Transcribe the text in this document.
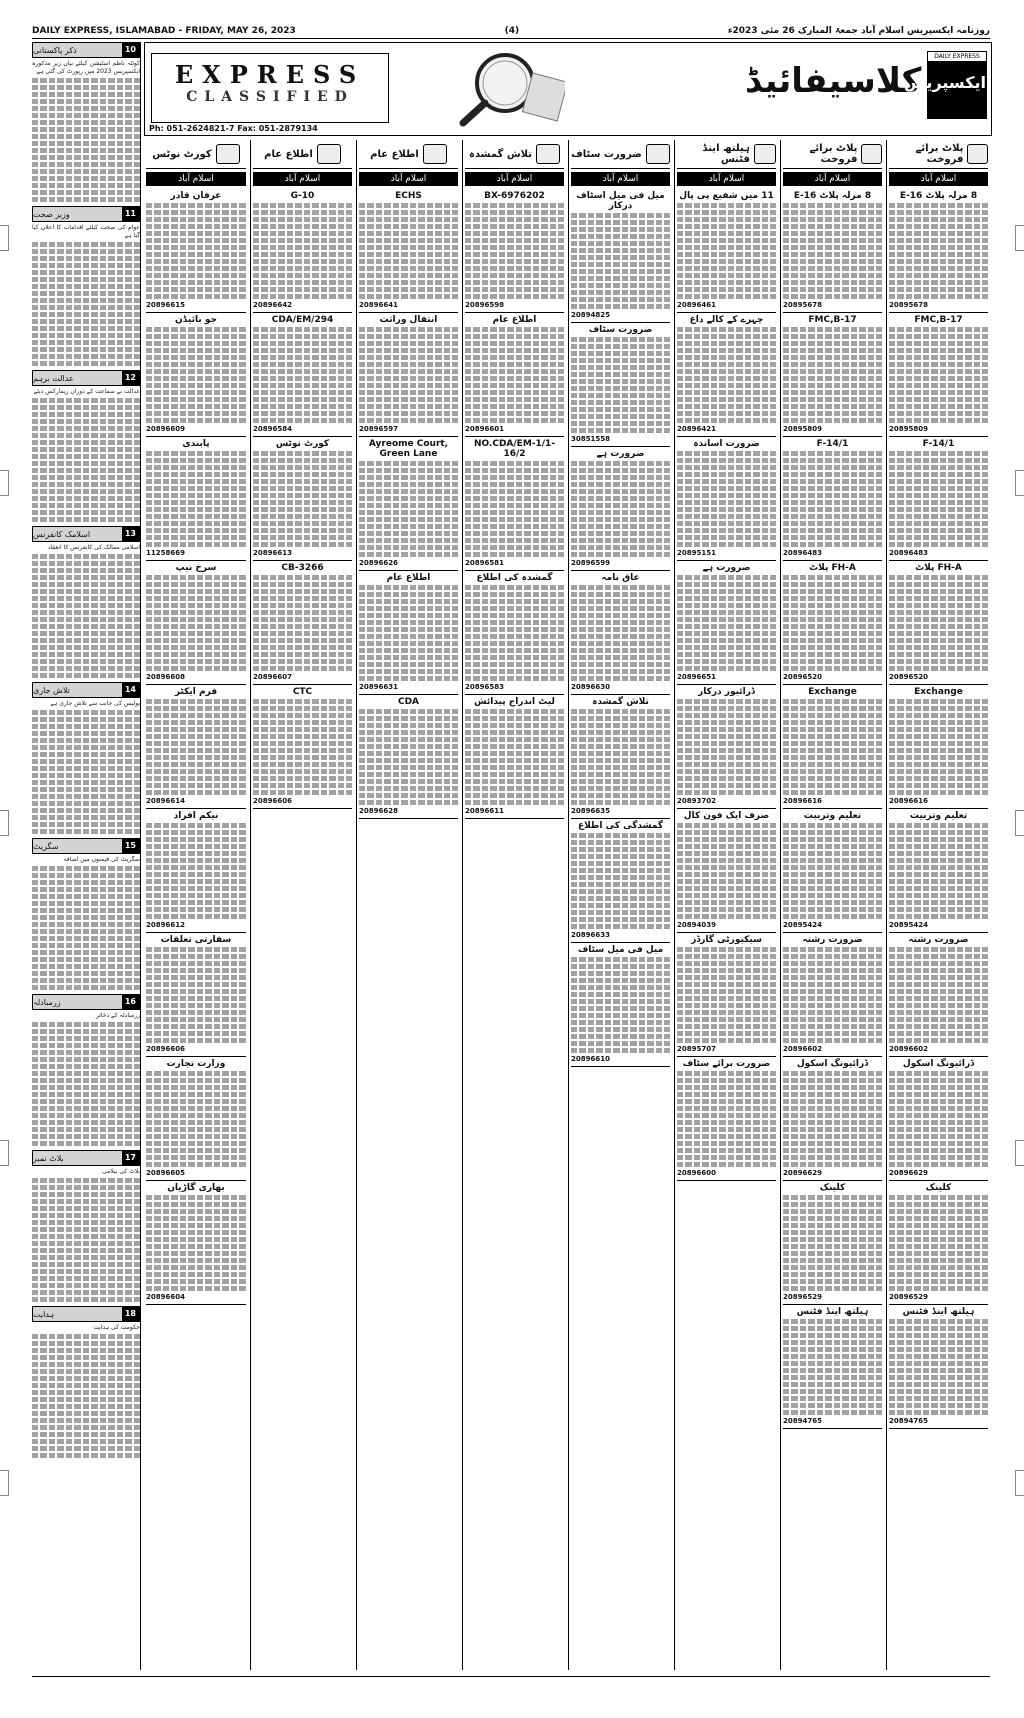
DAILY EXPRESS, ISLAMABAD - FRIDAY, MAY 26, 2023	(4)	روزنامہ ایکسپریس اسلام آباد جمعۃ المبارک 26 مئی 2023ء
ذکر پاکستانی	10
کوئٹہ ناظم اسٹیشن کیلئے بیان زیر مذکورہ ایکسپریس 2023 میں رپورٹ کی گئی ہے
وزیر صحت	11
عوام کی صحت کیلئے اقدامات کا اعلان کیا گیا ہے
عدالت برہم	12
عدالت نے سماعت کے دوران ریمارکس دیئے
اسلامک کانفرنس	13
اسلامی ممالک کی کانفرنس کا انعقاد
تلاش جاری	14
پولیس کی جانب سے تلاش جاری ہے
سگریٹ	15
سگریٹ کی قیمتوں میں اضافہ
زرمبادلہ	16
زرمبادلہ کے ذخائر
بلاٹ نمبر	17
بلاٹ کی نیلامی
ہدایت	18
حکومت کی ہدایت
EXPRESS
CLASSIFIED
Ph: 051-2624821-7 Fax: 051-2879134
کلاسیفائیڈ
DAILY EXPRESS
ایکسپریس
کورٹ نوٹس
اسلام آباد
عرفان قادر
20896615
جو بائیڈن
20896609
پابندی
11258669
سرخ نیپ
20896608
فرم ایکٹر
20896614
نیکم افراد
20896612
سفارتی تعلقات
20896606
وزارت تجارت
20896605
بھاری گاڑیاں
20896604
اطلاع عام
اسلام آباد
G-10
20896642
CDA/EM/294
20896584
کورٹ نوٹس
20896613
CB-3266
20896607
CTC
20896606
اطلاع عام
اسلام آباد
ECHS
20896641
انتقال وراثت
20896597
Ayreome Court, Green Lane
20896626
اطلاع عام
20896631
CDA
20896628
تلاش گمشدہ
اسلام آباد
BX-6976202
20896598
اطلاع عام
20896601
NO.CDA/EM-1/1-16/2
20896581
گمشدہ کی اطلاع
20896583
لیٹ اندراج پیدائش
20896611
ضرورت سٹاف
اسلام آباد
میل فی میل اسٹاف درکار
20894825
ضرورت سٹاف
30851558
ضرورت ہے
20896599
عاق نامہ
20896630
تلاش گمشدہ
20896635
گمشدگی کی اطلاع
20896633
میل فی میل سٹاف
20896610
ہیلتھ اینڈ فٹنس
اسلام آباد
11 میں شفیع پی پال
20896461
چہرے کے کالے داغ
20896421
ضرورت اساتذہ
20895151
ضرورت ہے
20896651
ڈرائیور درکار
20893702
صرف ایک فون کال
20894039
سیکیورٹی گارڈز
20895707
ضرورت برائے سٹاف
20896600
پلاٹ برائے فروخت
اسلام آباد
8 مرلہ پلاٹ E-16
20895678
FMC,B-17
20895809
F-14/1
20896483
FH-A پلاٹ
20896520
Exchange
20896616
تعلیم وتربیت
20895424
ضرورت رشتہ
20896602
ڈرائیونگ اسکول
20896629
کلینک
20896529
ہیلتھ اینڈ فٹنس
20894765
پلاٹ برائے فروخت
اسلام آباد
8 مرلہ پلاٹ E-16
20895678
FMC,B-17
20895809
F-14/1
20896483
FH-A پلاٹ
20896520
Exchange
20896616
تعلیم وتربیت
20895424
ضرورت رشتہ
20896602
ڈرائیونگ اسکول
20896629
کلینک
20896529
ہیلتھ اینڈ فٹنس
20894765
